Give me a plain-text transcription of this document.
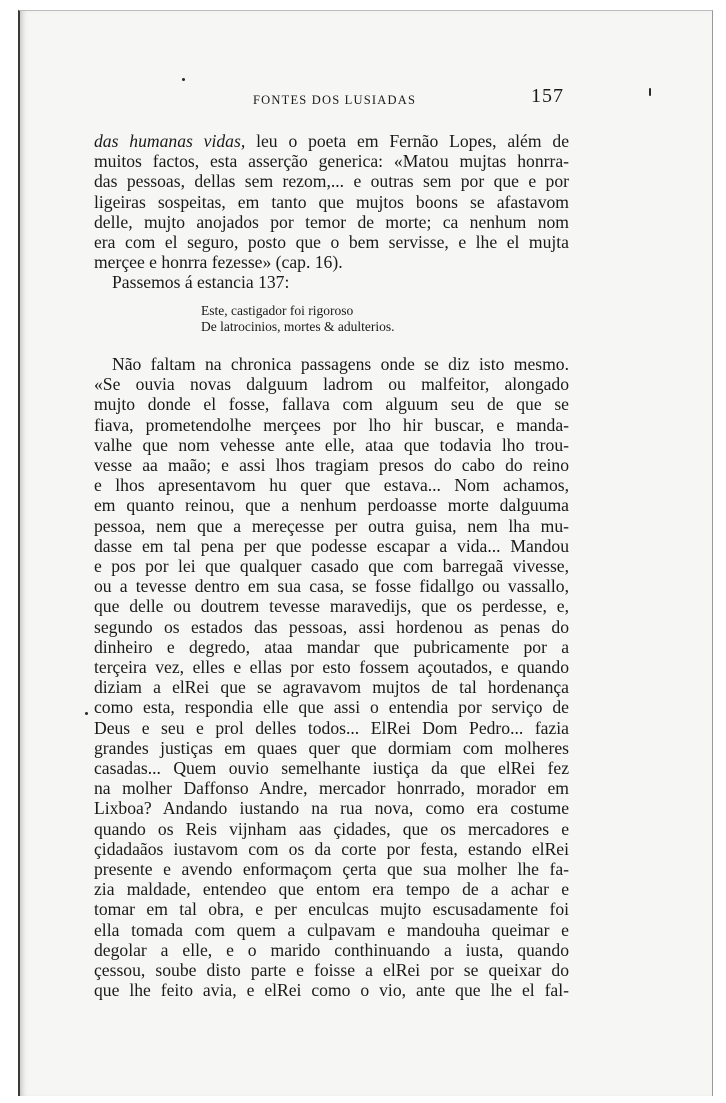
FONTES DOS LUSIADAS	157
das humanas vidas, leu o poeta em Fernão Lopes, além de
muitos factos, esta asserção generica: «Matou mujtas honrra-
das pessoas, dellas sem rezom,... e outras sem por que e por
ligeiras sospeitas, em tanto que mujtos boons se afastavom
delle, mujto anojados por temor de morte; ca nenhum nom
era com el seguro, posto que o bem servisse, e lhe el mujta
merçee e honrra fezesse» (cap. 16).
Passemos á estancia 137:
Este, castigador foi rigoroso
De latrocinios, mortes & adulterios.
Não faltam na chronica passagens onde se diz isto mesmo.
«Se ouvia novas dalguum ladrom ou malfeitor, alongado
mujto donde el fosse, fallava com alguum seu de que se
fiava, prometendolhe merçees por lho hir buscar, e manda-
valhe que nom vehesse ante elle, ataa que todavia lho trou-
vesse aa maão; e assi lhos tragiam presos do cabo do reino
e lhos apresentavom hu quer que estava... Nom achamos,
em quanto reinou, que a nenhum perdoasse morte dalguuma
pessoa, nem que a mereçesse per outra guisa, nem lha mu-
dasse em tal pena per que podesse escapar a vida... Mandou
e pos por lei que qualquer casado que com barregaã vivesse,
ou a tevesse dentro em sua casa, se fosse fidallgo ou vassallo,
que delle ou doutrem tevesse maravedijs, que os perdesse, e,
segundo os estados das pessoas, assi hordenou as penas do
dinheiro e degredo, ataa mandar que pubricamente por a
terçeira vez, elles e ellas por esto fossem açoutados, e quando
diziam a elRei que se agravavom mujtos de tal hordenança
como esta, respondia elle que assi o entendia por serviço de
Deus e seu e prol delles todos... ElRei Dom Pedro... fazia
grandes justiças em quaes quer que dormiam com molheres
casadas... Quem ouvio semelhante iustiça da que elRei fez
na molher Daffonso Andre, mercador honrrado, morador em
Lixboa? Andando iustando na rua nova, como era costume
quando os Reis vijnham aas çidades, que os mercadores e
çidadaãos iustavom com os da corte por festa, estando elRei
presente e avendo enformaçom çerta que sua molher lhe fa-
zia maldade, entendeo que entom era tempo de a achar e
tomar em tal obra, e per enculcas mujto escusadamente foi
ella tomada com quem a culpavam e mandouha queimar e
degolar a elle, e o marido conthinuando a iusta, quando
çessou, soube disto parte e foisse a elRei por se queixar do
que lhe feito avia, e elRei como o vio, ante que lhe el fal-
